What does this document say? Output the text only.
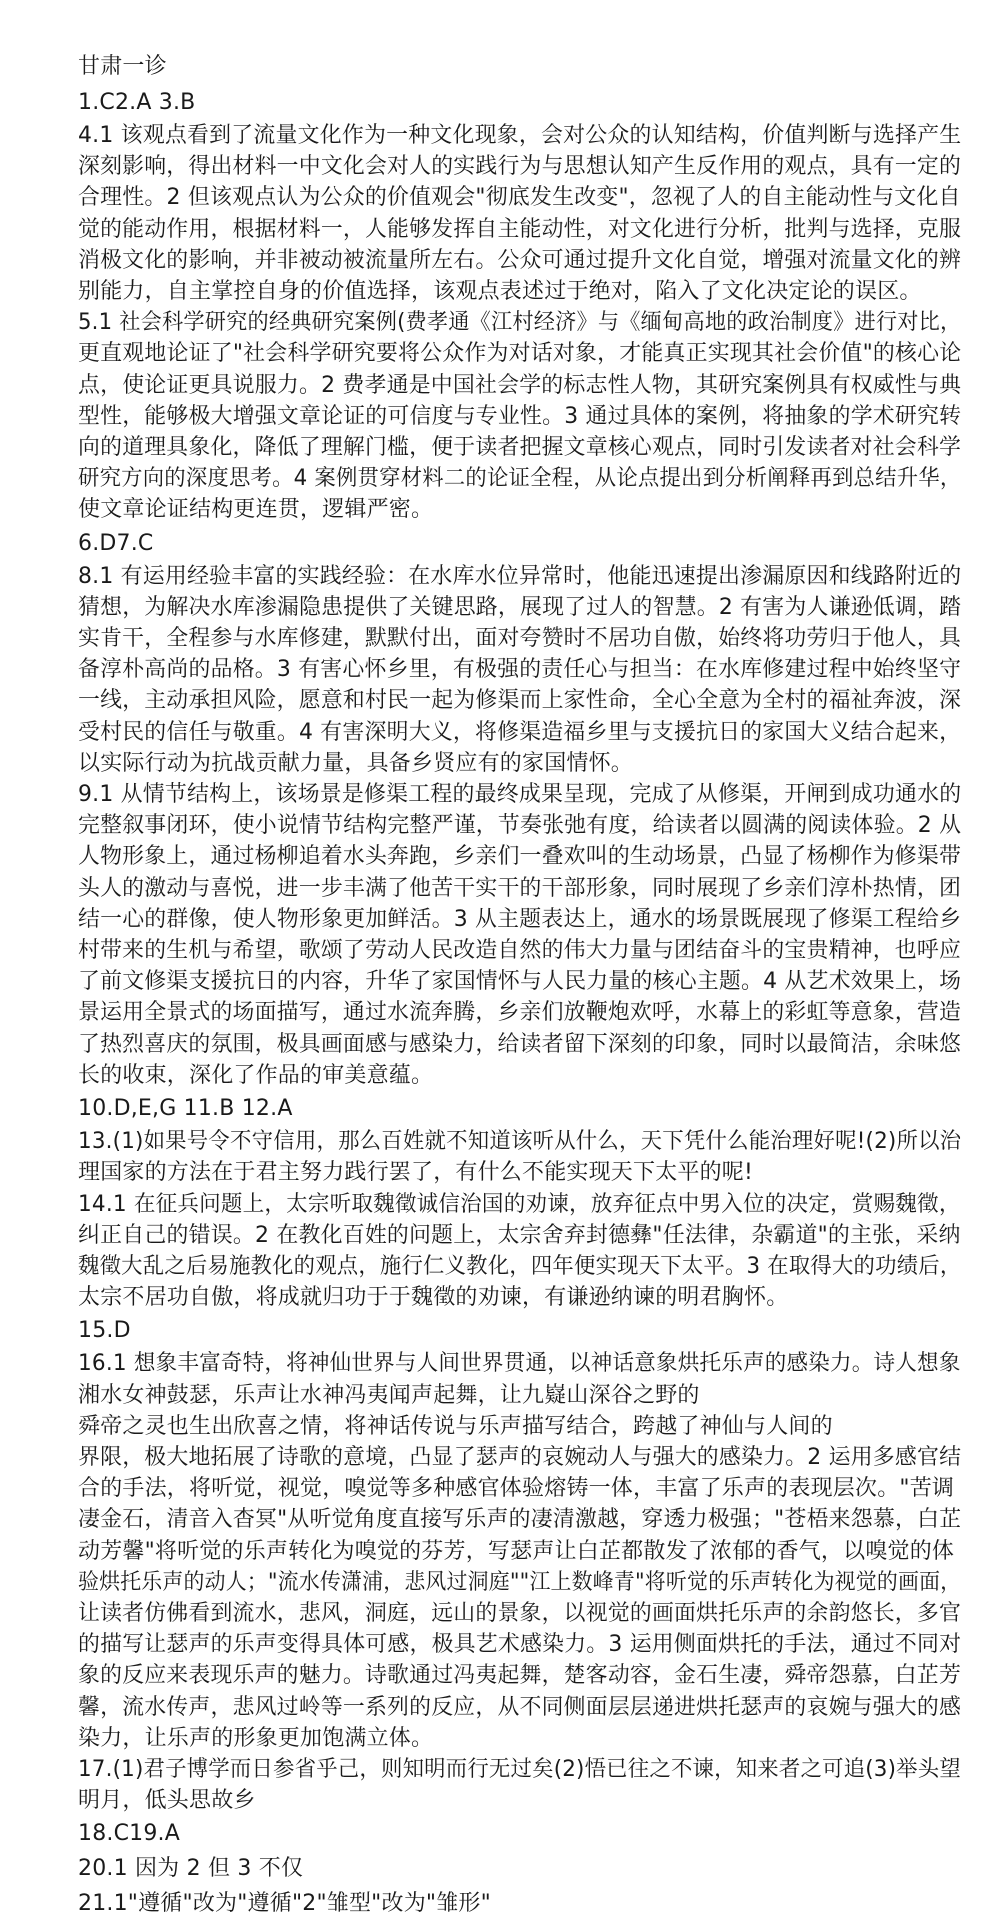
甘肃一诊
1.C2.A 3.B
4.1 该观点看到了流量文化作为一种文化现象，会对公众的认知结构，价值判断与选择产生
深刻影响，得出材料一中文化会对人的实践行为与思想认知产生反作用的观点，具有一定的
合理性。2 但该观点认为公众的价值观会"彻底发生改变"，忽视了人的自主能动性与文化自
觉的能动作用，根据材料一，人能够发挥自主能动性，对文化进行分析，批判与选择，克服
消极文化的影响，并非被动被流量所左右。公众可通过提升文化自觉，增强对流量文化的辨
别能力，自主掌控自身的价值选择，该观点表述过于绝对，陷入了文化决定论的误区。
5.1 社会科学研究的经典研究案例(费孝通《江村经济》与《缅甸高地的政治制度》进行对比，
更直观地论证了"社会科学研究要将公众作为对话对象，才能真正实现其社会价值"的核心论
点，使论证更具说服力。2 费孝通是中国社会学的标志性人物，其研究案例具有权威性与典
型性，能够极大增强文章论证的可信度与专业性。3 通过具体的案例，将抽象的学术研究转
向的道理具象化，降低了理解门槛，便于读者把握文章核心观点，同时引发读者对社会科学
研究方向的深度思考。4 案例贯穿材料二的论证全程，从论点提出到分析阐释再到总结升华，
使文章论证结构更连贯，逻辑严密。
6.D7.C
8.1 有运用经验丰富的实践经验：在水库水位异常时，他能迅速提出渗漏原因和线路附近的
猜想，为解决水库渗漏隐患提供了关键思路，展现了过人的智慧。2 有害为人谦逊低调，踏
实肯干，全程参与水库修建，默默付出，面对夸赞时不居功自傲，始终将功劳归于他人，具
备淳朴高尚的品格。3 有害心怀乡里，有极强的责任心与担当：在水库修建过程中始终坚守
一线，主动承担风险，愿意和村民一起为修渠而上家性命，全心全意为全村的福祉奔波，深
受村民的信任与敬重。4 有害深明大义，将修渠造福乡里与支援抗日的家国大义结合起来，
以实际行动为抗战贡献力量，具备乡贤应有的家国情怀。
9.1 从情节结构上，该场景是修渠工程的最终成果呈现，完成了从修渠，开闸到成功通水的
完整叙事闭环，使小说情节结构完整严谨，节奏张弛有度，给读者以圆满的阅读体验。2 从
人物形象上，通过杨柳追着水头奔跑，乡亲们一叠欢叫的生动场景，凸显了杨柳作为修渠带
头人的激动与喜悦，进一步丰满了他苦干实干的干部形象，同时展现了乡亲们淳朴热情，团
结一心的群像，使人物形象更加鲜活。3 从主题表达上，通水的场景既展现了修渠工程给乡
村带来的生机与希望，歌颂了劳动人民改造自然的伟大力量与团结奋斗的宝贵精神，也呼应
了前文修渠支援抗日的内容，升华了家国情怀与人民力量的核心主题。4 从艺术效果上，场
景运用全景式的场面描写，通过水流奔腾，乡亲们放鞭炮欢呼，水幕上的彩虹等意象，营造
了热烈喜庆的氛围，极具画面感与感染力，给读者留下深刻的印象，同时以最简洁，余味悠
长的收束，深化了作品的审美意蕴。
10.D,E,G 11.B 12.A
13.(1)如果号令不守信用，那么百姓就不知道该听从什么，天下凭什么能治理好呢!(2)所以治
理国家的方法在于君主努力践行罢了，有什么不能实现天下太平的呢!
14.1 在征兵问题上，太宗听取魏徵诚信治国的劝谏，放弃征点中男入位的决定，赏赐魏徵，
纠正自己的错误。2 在教化百姓的问题上，太宗舍弃封德彝"任法律，杂霸道"的主张，采纳
魏徵大乱之后易施教化的观点，施行仁义教化，四年便实现天下太平。3 在取得大的功绩后，
太宗不居功自傲，将成就归功于于魏徵的劝谏，有谦逊纳谏的明君胸怀。
15.D
16.1 想象丰富奇特，将神仙世界与人间世界贯通，以神话意象烘托乐声的感染力。诗人想象
湘水女神鼓瑟，乐声让水神冯夷闻声起舞，让九嶷山深谷之野的
舜帝之灵也生出欣喜之情，将神话传说与乐声描写结合，跨越了神仙与人间的
界限，极大地拓展了诗歌的意境，凸显了瑟声的哀婉动人与强大的感染力。2 运用多感官结
合的手法，将听觉，视觉，嗅觉等多种感官体验熔铸一体，丰富了乐声的表现层次。"苦调
凄金石，清音入杳冥"从听觉角度直接写乐声的凄清激越，穿透力极强；"苍梧来怨慕，白芷
动芳馨"将听觉的乐声转化为嗅觉的芬芳，写瑟声让白芷都散发了浓郁的香气，以嗅觉的体
验烘托乐声的动人；"流水传潇浦，悲风过洞庭""江上数峰青"将听觉的乐声转化为视觉的画面，
让读者仿佛看到流水，悲风，洞庭，远山的景象，以视觉的画面烘托乐声的余韵悠长，多官
的描写让瑟声的乐声变得具体可感，极具艺术感染力。3 运用侧面烘托的手法，通过不同对
象的反应来表现乐声的魅力。诗歌通过冯夷起舞，楚客动容，金石生凄，舜帝怨慕，白芷芳
馨，流水传声，悲风过岭等一系列的反应，从不同侧面层层递进烘托瑟声的哀婉与强大的感
染力，让乐声的形象更加饱满立体。
17.(1)君子博学而日参省乎己，则知明而行无过矣(2)悟已往之不谏，知来者之可追(3)举头望
明月，低头思故乡
18.C19.A
20.1 因为 2 但 3 不仅
21.1"遵循"改为"遵循"2"雏型"改为"雏形"
